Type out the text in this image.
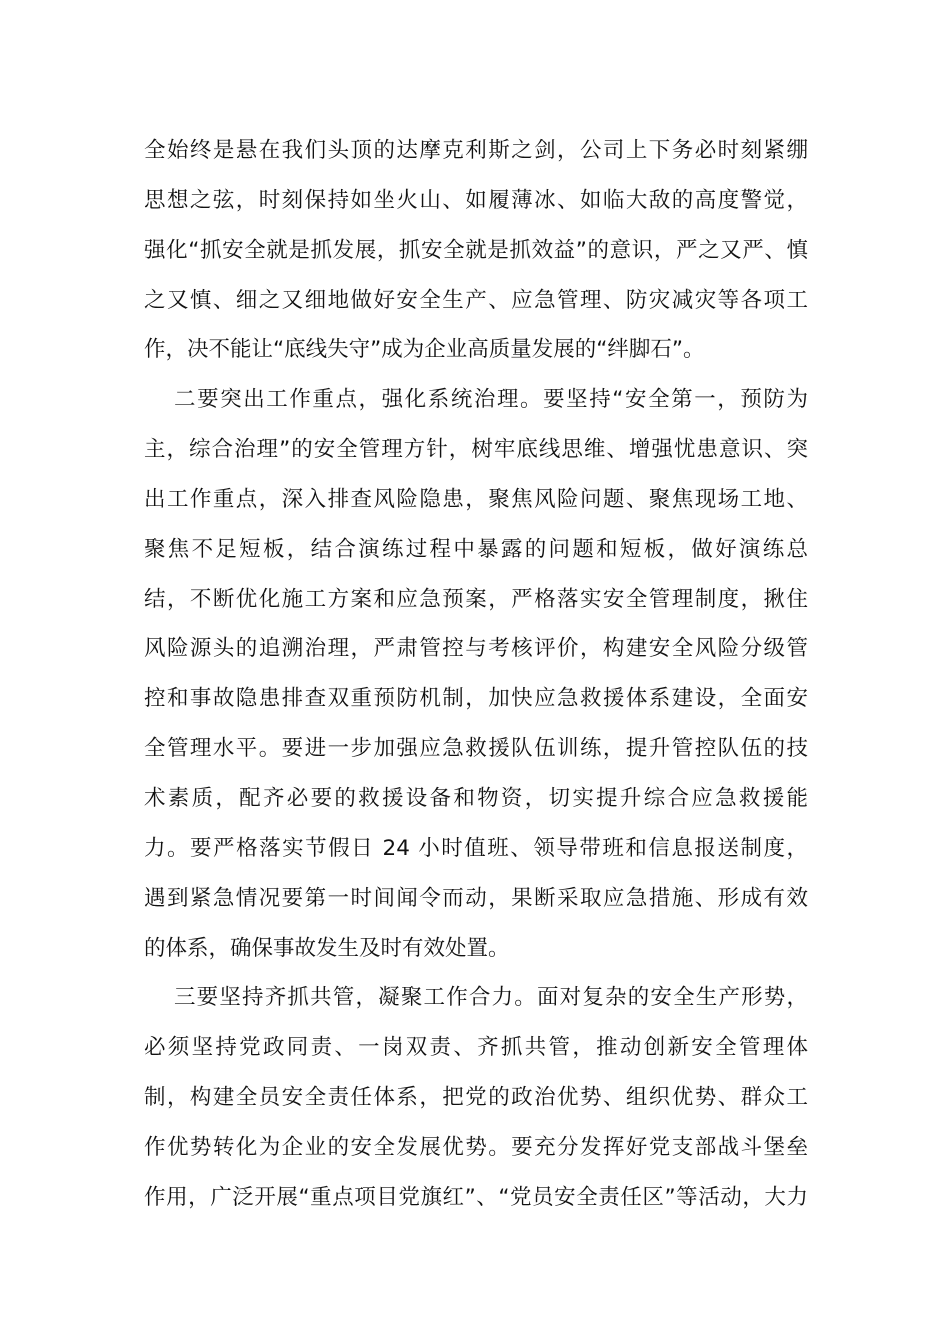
全始终是悬在我们头顶的达摩克利斯之剑，公司上下务必时刻紧绷
思想之弦，时刻保持如坐火山、如履薄冰、如临大敌的高度警觉，
强化“抓安全就是抓发展，抓安全就是抓效益”的意识，严之又严、慎
之又慎、细之又细地做好安全生产、应急管理、防灾减灾等各项工
作，决不能让“底线失守”成为企业高质量发展的“绊脚石”。
二要突出工作重点，强化系统治理。要坚持“安全第一，预防为
主，综合治理”的安全管理方针，树牢底线思维、增强忧患意识、突
出工作重点，深入排查风险隐患，聚焦风险问题、聚焦现场工地、
聚焦不足短板，结合演练过程中暴露的问题和短板，做好演练总
结，不断优化施工方案和应急预案，严格落实安全管理制度，揪住
风险源头的追溯治理，严肃管控与考核评价，构建安全风险分级管
控和事故隐患排查双重预防机制，加快应急救援体系建设，全面安
全管理水平。要进一步加强应急救援队伍训练，提升管控队伍的技
术素质，配齐必要的救援设备和物资，切实提升综合应急救援能
力。要严格落实节假日 24 小时值班、领导带班和信息报送制度，
遇到紧急情况要第一时间闻令而动，果断采取应急措施、形成有效
的体系，确保事故发生及时有效处置。
三要坚持齐抓共管，凝聚工作合力。面对复杂的安全生产形势，
必须坚持党政同责、一岗双责、齐抓共管，推动创新安全管理体
制，构建全员安全责任体系，把党的政治优势、组织优势、群众工
作优势转化为企业的安全发展优势。要充分发挥好党支部战斗堡垒
作用，广泛开展“重点项目党旗红”、“党员安全责任区”等活动，大力
